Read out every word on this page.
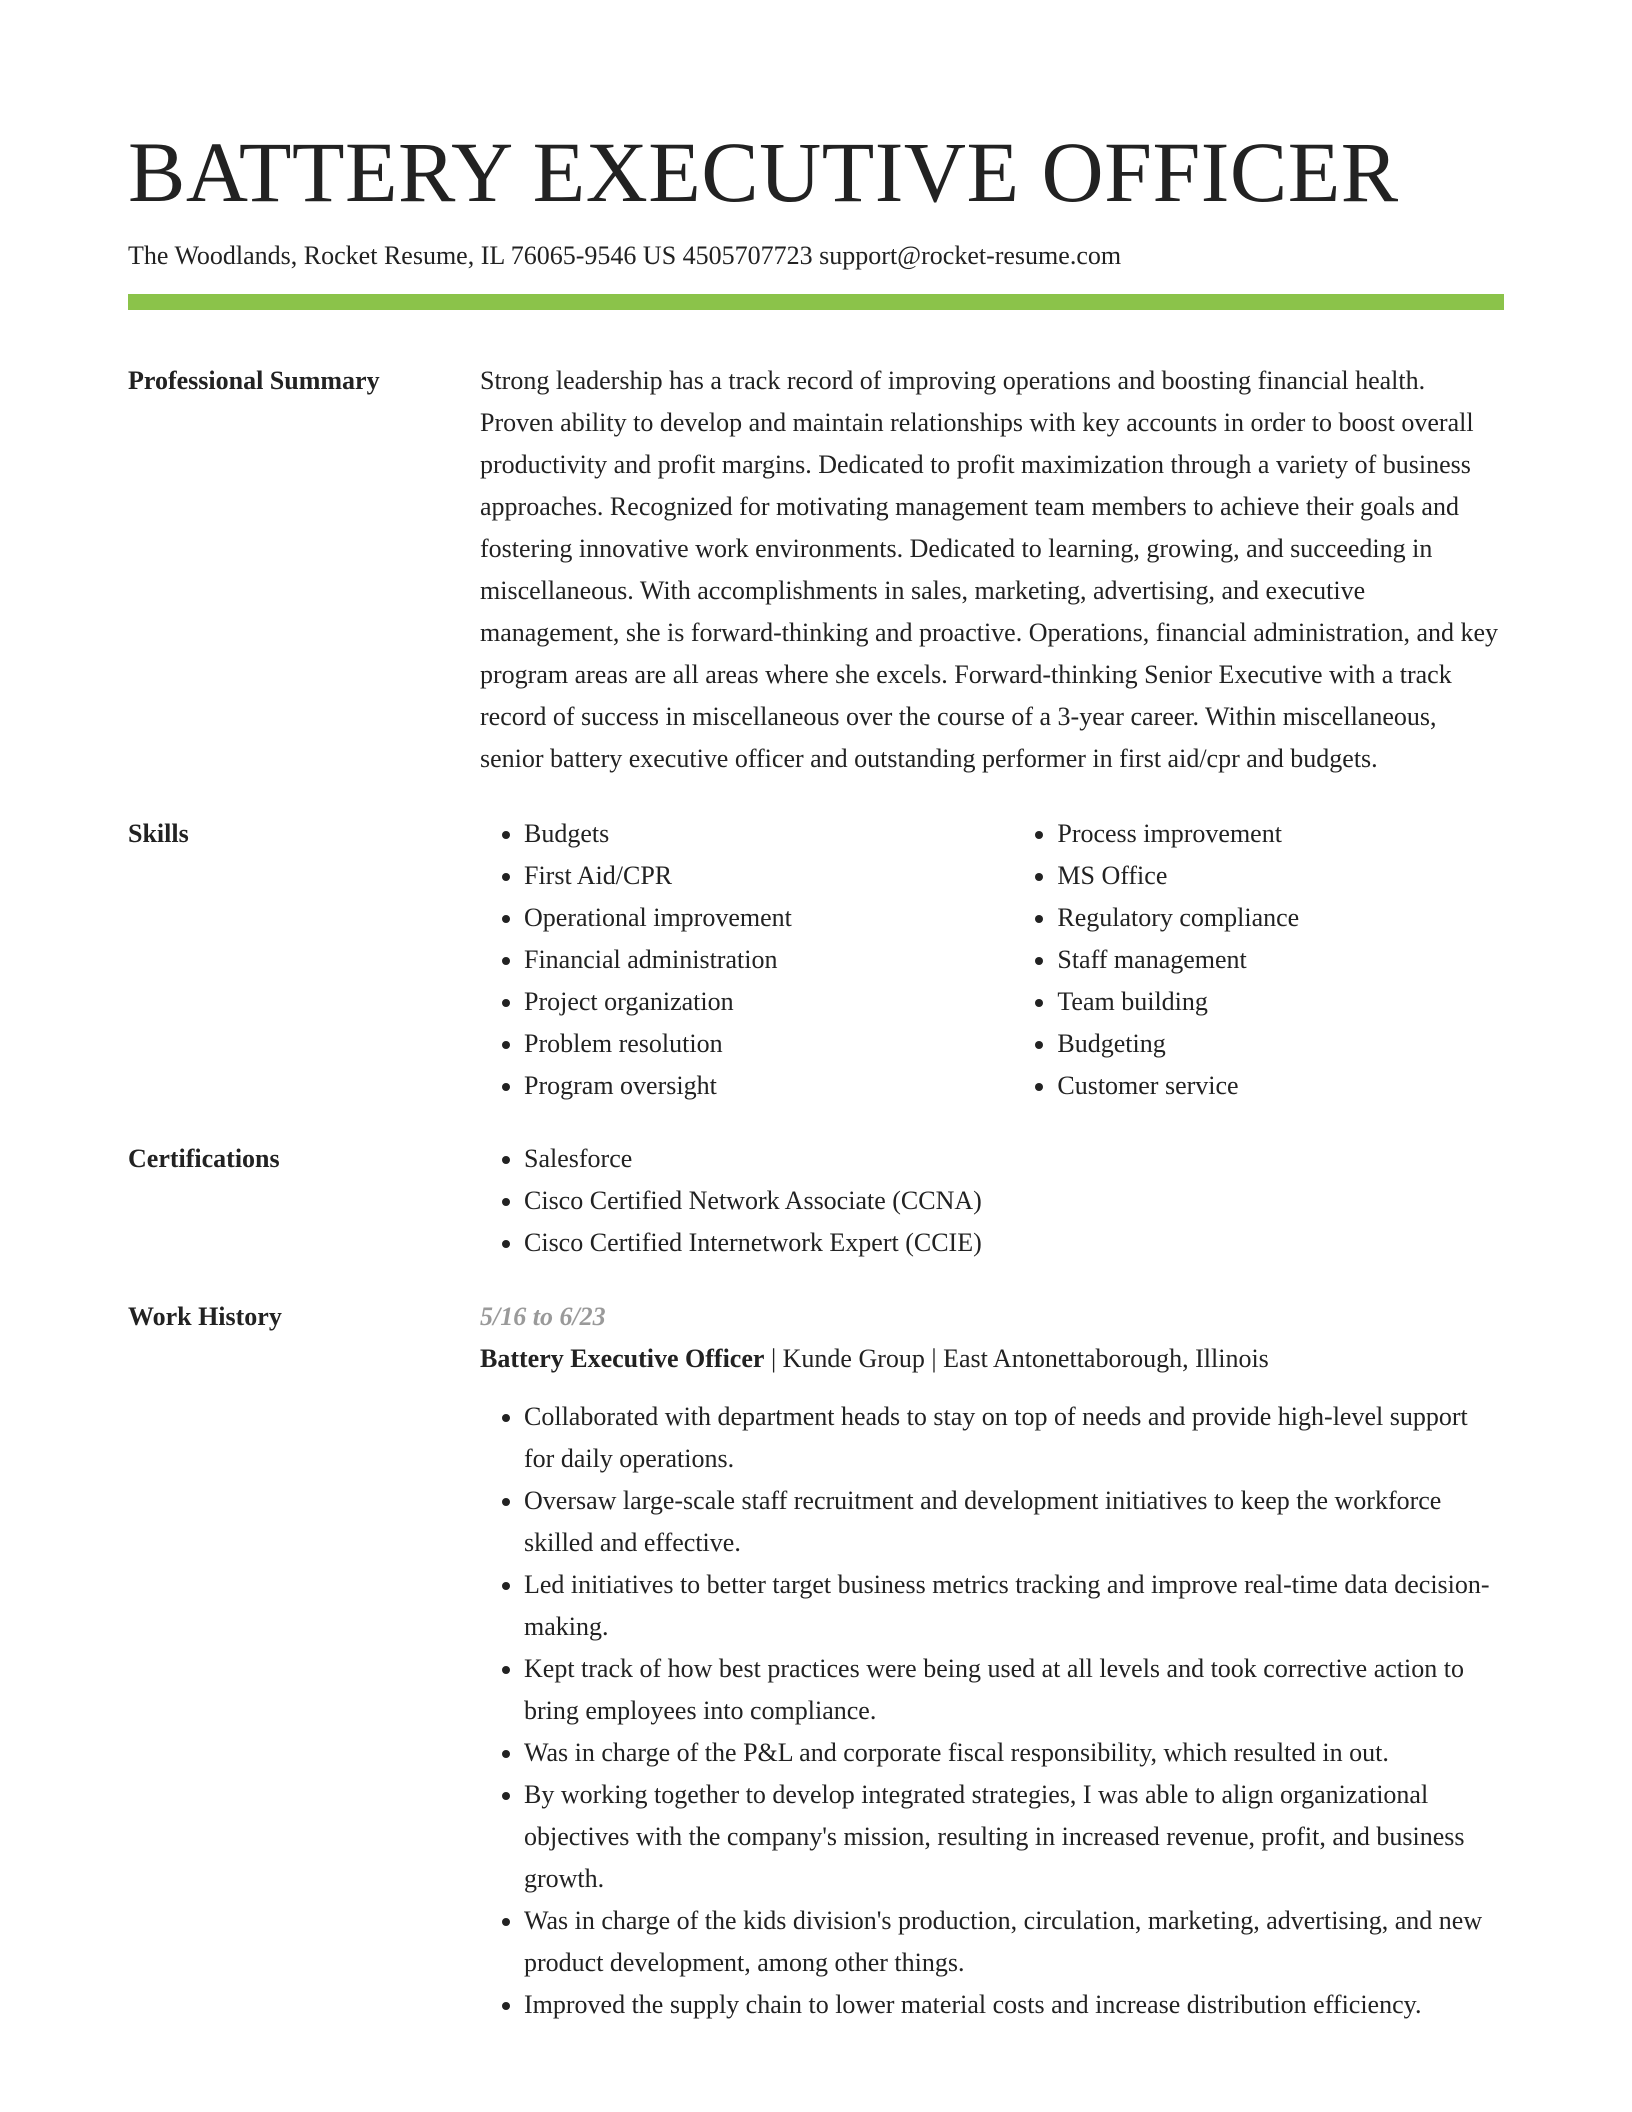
BATTERY EXECUTIVE OFFICER
The Woodlands, Rocket Resume, IL 76065-9546 US 4505707723 support@rocket-resume.com
Professional Summary	Strong leadership has a track record of improving operations and boosting financial health. Proven ability to develop and maintain relationships with key accounts in order to boost overall productivity and profit margins. Dedicated to profit maximization through a variety of business approaches. Recognized for motivating management team members to achieve their goals and fostering innovative work environments. Dedicated to learning, growing, and succeeding in miscellaneous. With accomplishments in sales, marketing, advertising, and executive management, she is forward-thinking and proactive. Operations, financial administration, and key program areas are all areas where she excels. Forward-thinking Senior Executive with a track record of success in miscellaneous over the course of a 3-year career. Within miscellaneous, senior battery executive officer and outstanding performer in first aid/cpr and budgets.

Skills	• Budgets
• First Aid/CPR
• Operational improvement
• Financial administration
• Project organization
• Problem resolution
• Program oversight
• Process improvement
• MS Office
• Regulatory compliance
• Staff management
• Team building
• Budgeting
• Customer service
Certifications	• Salesforce
• Cisco Certified Network Associate (CCNA)
• Cisco Certified Internetwork Expert (CCIE)
Work History	5/16 to 6/23
Battery Executive Officer | Kunde Group | East Antonettaborough, Illinois
• Collaborated with department heads to stay on top of needs and provide high-level support for daily operations.
• Oversaw large-scale staff recruitment and development initiatives to keep the workforce skilled and effective.
• Led initiatives to better target business metrics tracking and improve real-time data decision-making.
• Kept track of how best practices were being used at all levels and took corrective action to bring employees into compliance.
• Was in charge of the P&L and corporate fiscal responsibility, which resulted in out.
• By working together to develop integrated strategies, I was able to align organizational objectives with the company's mission, resulting in increased revenue, profit, and business growth.
• Was in charge of the kids division's production, circulation, marketing, advertising, and new product development, among other things.
• Improved the supply chain to lower material costs and increase distribution efficiency.
